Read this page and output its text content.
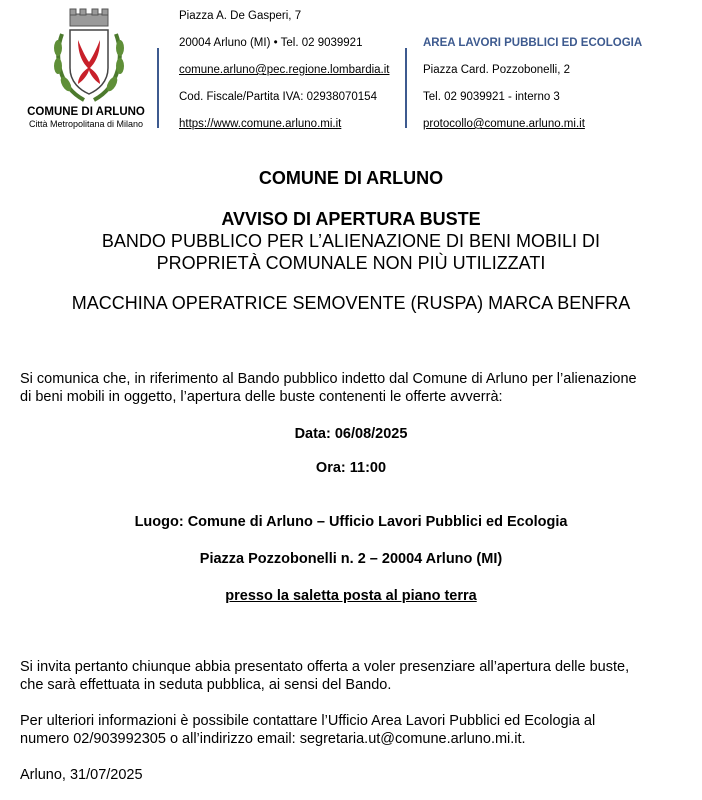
COMUNE DI ARLUNO
Città Metropolitana di Milano
Piazza A. De Gasperi, 7
20004 Arluno (MI) • Tel. 02 9039921
comune.arluno@pec.regione.lombardia.it
Cod. Fiscale/Partita IVA: 02938070154
https://www.comune.arluno.mi.it
AREA LAVORI PUBBLICI ED ECOLOGIA
Piazza Card. Pozzobonelli, 2
Tel. 02 9039921 - interno 3
protocollo@comune.arluno.mi.it
COMUNE DI ARLUNO
AVVISO DI APERTURA BUSTE
BANDO PUBBLICO PER L’ALIENAZIONE DI BENI MOBILI DI
PROPRIETÀ COMUNALE NON PIÙ UTILIZZATI
MACCHINA OPERATRICE SEMOVENTE (RUSPA) MARCA BENFRA
Si comunica che, in riferimento al Bando pubblico indetto dal Comune di Arluno per l’alienazione
di beni mobili in oggetto, l’apertura delle buste contenenti le offerte avverrà:
Data: 06/08/2025
Ora: 11:00
Luogo: Comune di Arluno – Ufficio Lavori Pubblici ed Ecologia
Piazza Pozzobonelli n. 2 – 20004 Arluno (MI)
presso la saletta posta al piano terra
Si invita pertanto chiunque abbia presentato offerta a voler presenziare all’apertura delle buste,
che sarà effettuata in seduta pubblica, ai sensi del Bando.
Per ulteriori informazioni è possibile contattare l’Ufficio Area Lavori Pubblici ed Ecologia al
numero 02/903992305 o all’indirizzo email: segretaria.ut@comune.arluno.mi.it.
Arluno, 31/07/2025
